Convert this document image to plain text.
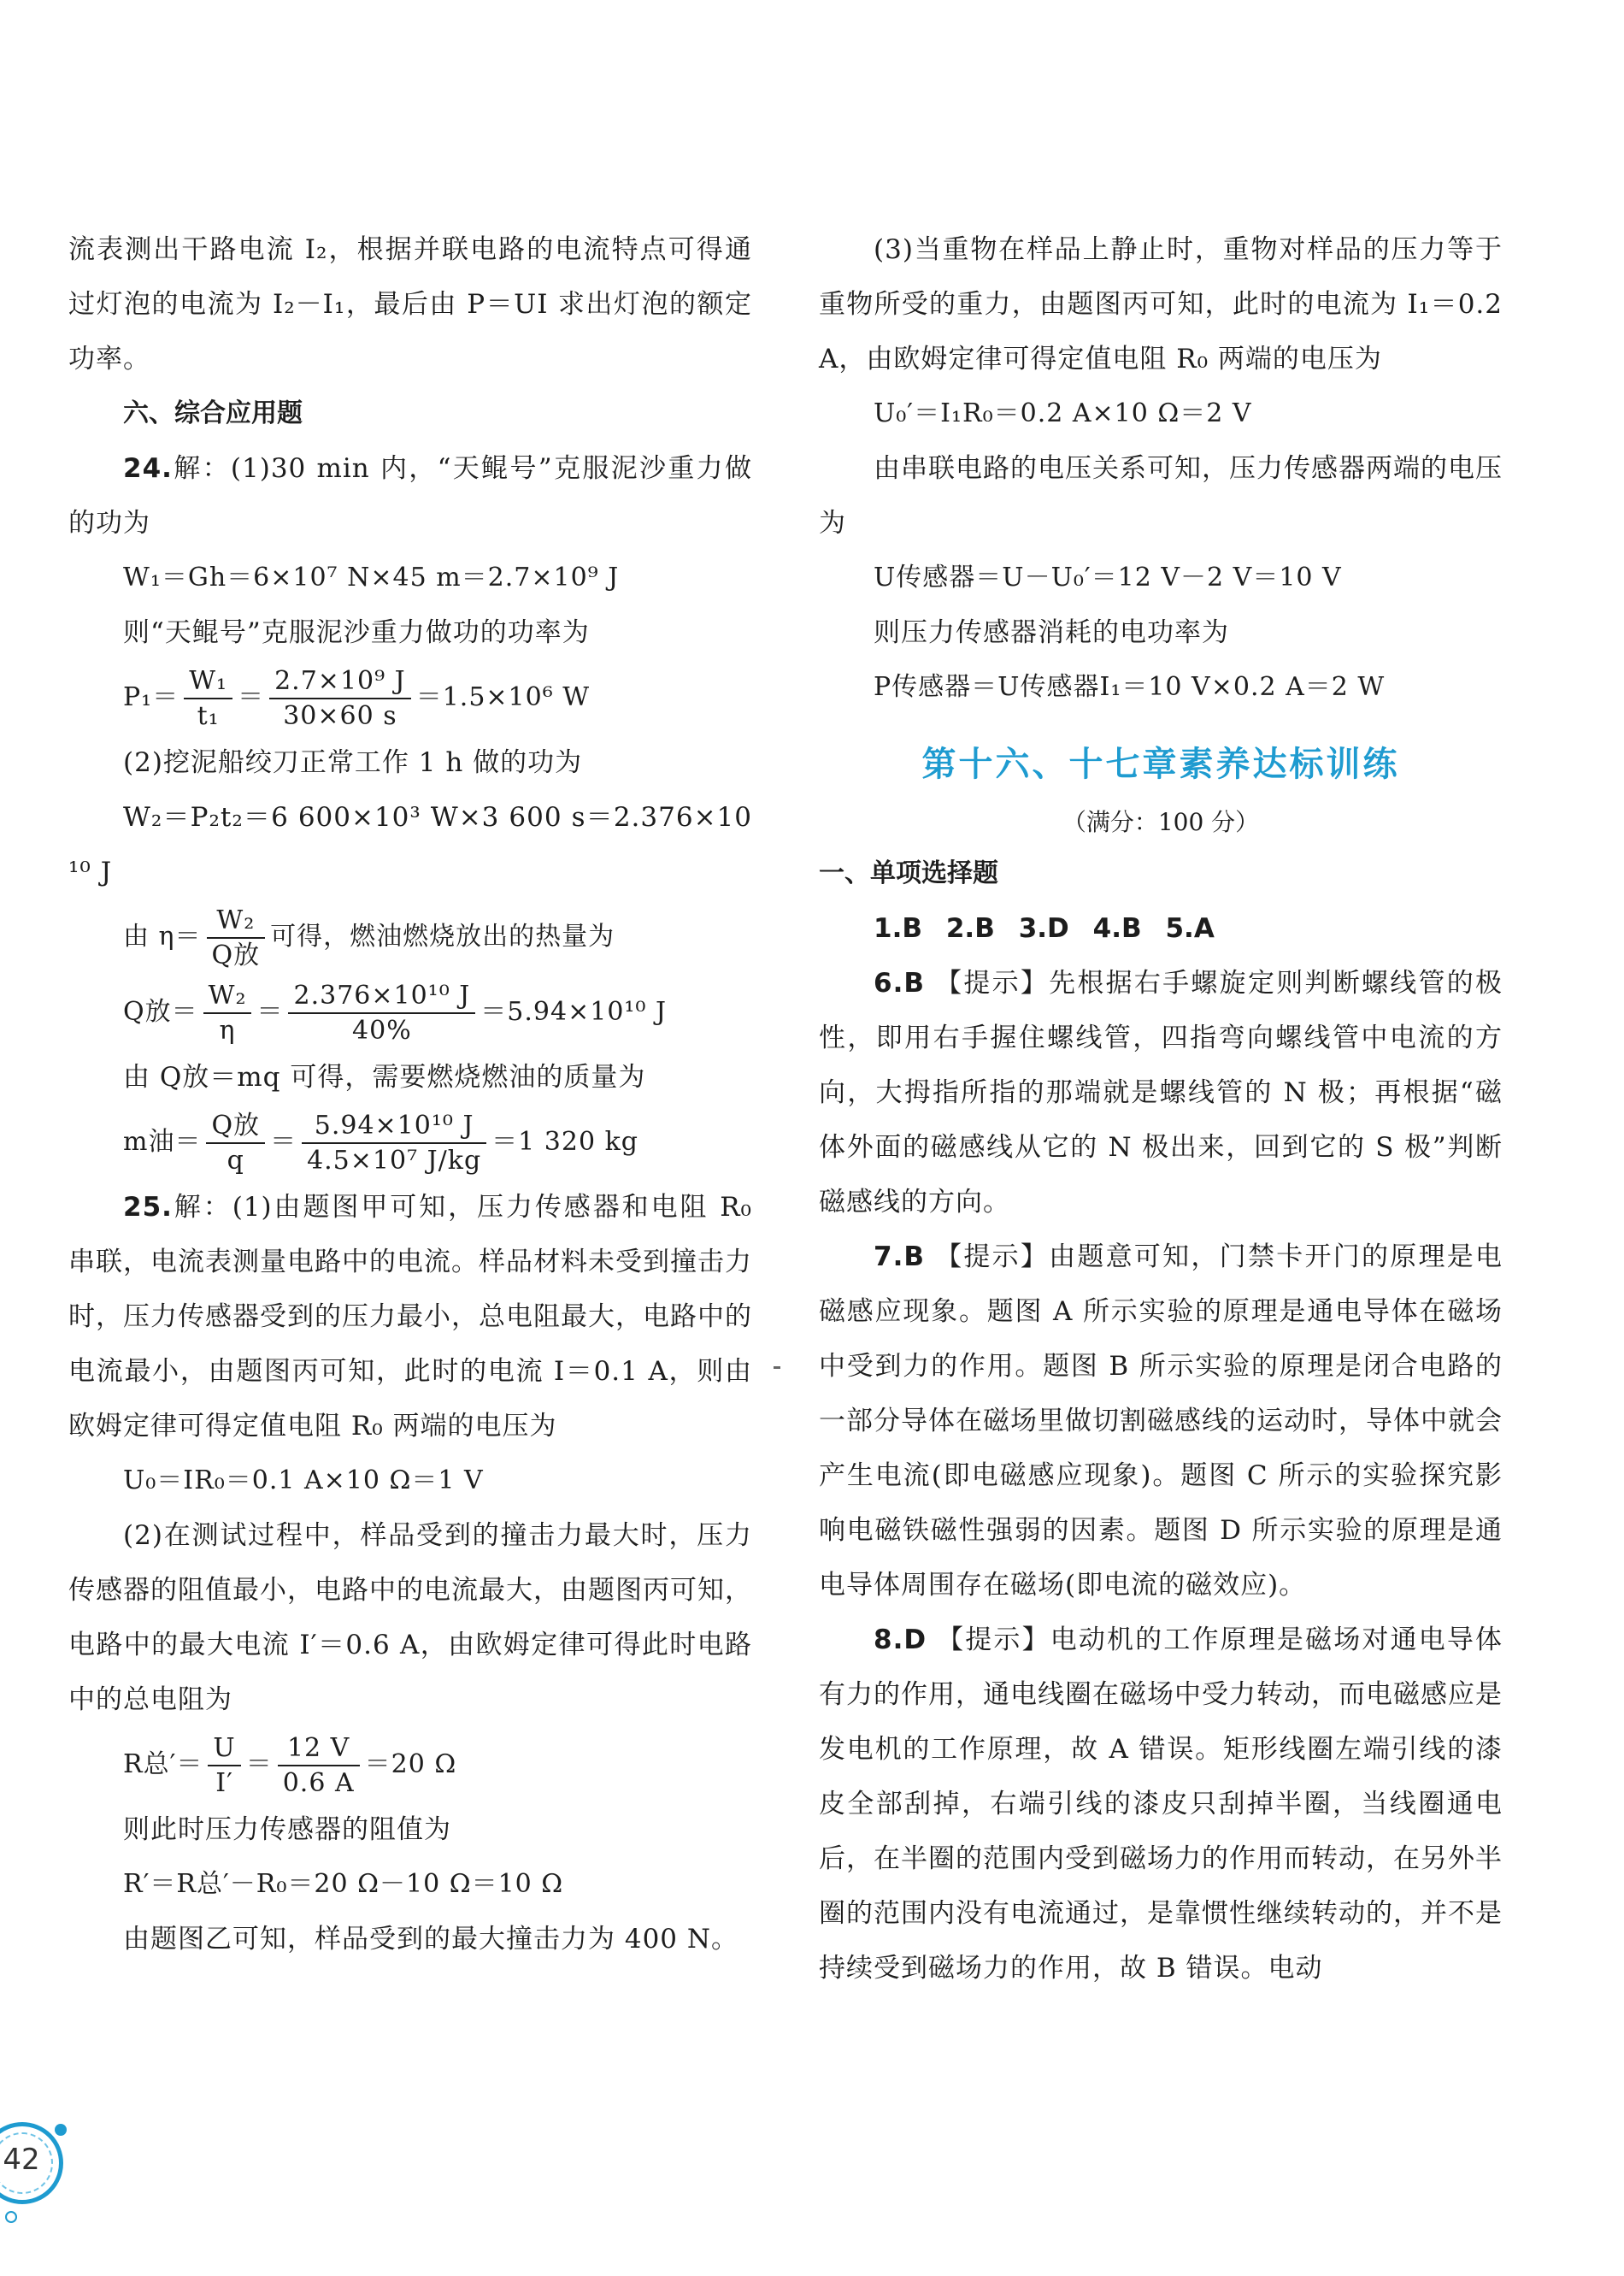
流表测出干路电流 I₂，根据并联电路的电流特点可得通过灯泡的电流为 I₂－I₁，最后由 P＝UI 求出灯泡的额定功率。

六、综合应用题

24.解：(1)30 min 内，“天鲲号”克服泥沙重力做的功为

W₁＝Gh＝6×10⁷ N×45 m＝2.7×10⁹ J

则“天鲲号”克服泥沙重力做功的功率为

$P_1= \frac{\text{W₁}}{\text{t₁}} = \frac{\text{2.7×10⁹ J}}{30\times 60 s} =1.5\times 10^6$ W

(2)挖泥船绞刀正常工作 1 h 做的功为

W₂＝P₂t₂＝6 600×10³ W×3 600 s＝2.376×10¹⁰ J

由 $\eta= \frac{\text{W₂}}{\text{Q放}}$ 可得，燃油燃烧放出的热量为

Q放＝ $\frac{\text{W₂}}{\eta} = \frac{\text{2.376×10¹⁰ J}}{40\%} =5.94\times 10^{10}$ J

由 Q放＝mq 可得，需要燃烧燃油的质量为

m油＝ $\frac{\text{Q放}}{q} = \frac{\text{5.94×10¹⁰ J}}{\text{4.5×10⁷ J/kg}} =1$ 320 kg

25.解：(1)由题图甲可知，压力传感器和电阻 R₀ 串联，电流表测量电路中的电流。样品材料未受到撞击力时，压力传感器受到的压力最小，总电阻最大，电路中的电流最小，由题图丙可知，此时的电流 I＝0.1 A，则由欧姆定律可得定值电阻 R₀ 两端的电压为

U₀＝IR₀＝0.1 A×10 Ω＝1 V

(2)在测试过程中，样品受到的撞击力最大时，压力传感器的阻值最小，电路中的电流最大，由题图丙可知，电路中的最大电流 I′＝0.6 A，由欧姆定律可得此时电路中的总电阻为

R总′＝ $\frac{U}{I'} = \frac{12 V}{0.6 A} =20$ Ω

则此时压力传感器的阻值为

R′＝R总′－R₀＝20 Ω－10 Ω＝10 Ω

由题图乙可知，样品受到的最大撞击力为 400 N。

(3)当重物在样品上静止时，重物对样品的压力等于重物所受的重力，由题图丙可知，此时的电流为 I₁＝0.2 A，由欧姆定律可得定值电阻 R₀ 两端的电压为

U₀′＝I₁R₀＝0.2 A×10 Ω＝2 V

由串联电路的电压关系可知，压力传感器两端的电压为

U传感器＝U－U₀′＝12 V－2 V＝10 V

则压力传感器消耗的电功率为

P传感器＝U传感器I₁＝10 V×0.2 A＝2 W

第十六、十七章素养达标训练

（满分：100 分）

一、单项选择题

1.B 2.B 3.D 4.B 5.A

6.B 【提示】先根据右手螺旋定则判断螺线管的极性，即用右手握住螺线管，四指弯向螺线管中电流的方向，大拇指所指的那端就是螺线管的 N 极；再根据“磁体外面的磁感线从它的 N 极出来，回到它的 S 极”判断磁感线的方向。

7.B 【提示】由题意可知，门禁卡开门的原理是电磁感应现象。题图 A 所示实验的原理是通电导体在磁场中受到力的作用。题图 B 所示实验的原理是闭合电路的一部分导体在磁场里做切割磁感线的运动时，导体中就会产生电流(即电磁感应现象)。题图 C 所示的实验探究影响电磁铁磁性强弱的因素。题图 D 所示实验的原理是通电导体周围存在磁场(即电流的磁效应)。

8.D 【提示】电动机的工作原理是磁场对通电导体有力的作用，通电线圈在磁场中受力转动，而电磁感应是发电机的工作原理，故 A 错误。矩形线圈左端引线的漆皮全部刮掉，右端引线的漆皮只刮掉半圈，当线圈通电后，在半圈的范围内受到磁场力的作用而转动，在另外半圈的范围内没有电流通过，是靠惯性继续转动的，并不是持续受到磁场力的作用，故 B 错误。电动

42
